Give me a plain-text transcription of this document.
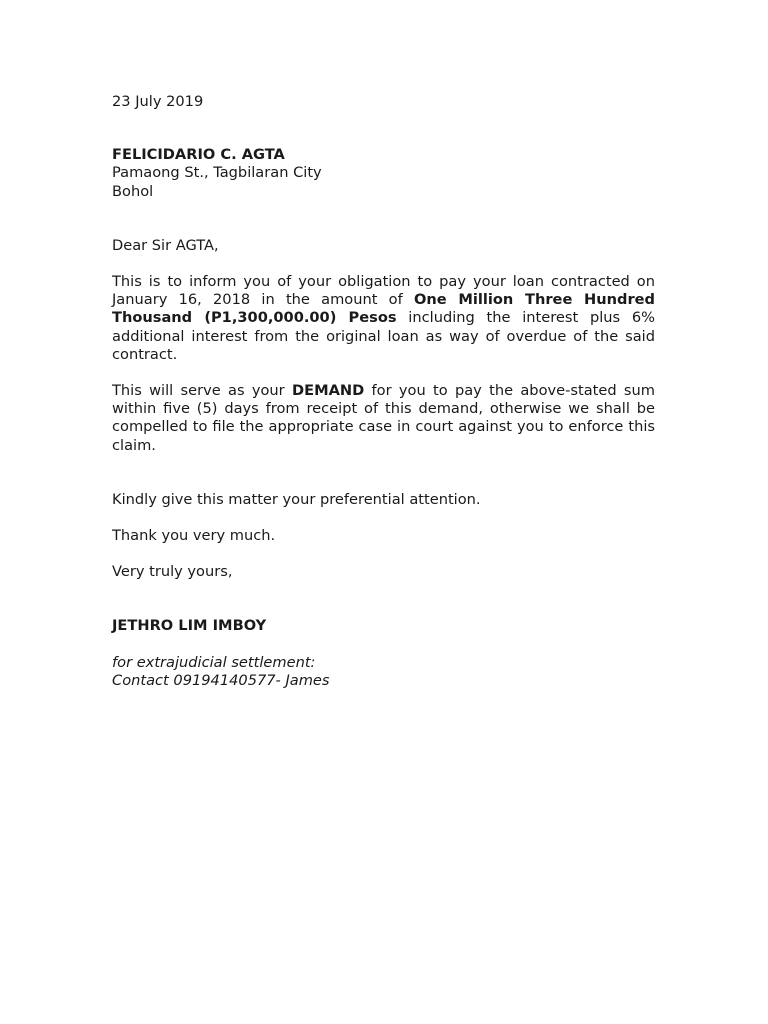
23 July 2019

FELICIDARIO C. AGTA

Pamaong St., Tagbilaran City

Bohol

Dear Sir AGTA,

This is to inform you of your obligation to pay your loan contracted on January 16, 2018 in the amount of One Million Three Hundred Thousand (P1,300,000.00) Pesos including the interest plus 6% additional interest from the original loan as way of overdue of the said contract.

This will serve as your DEMAND for you to pay the above-stated sum within five (5) days from receipt of this demand, otherwise we shall be compelled to file the appropriate case in court against you to enforce this claim.

Kindly give this matter your preferential attention.

Thank you very much.

Very truly yours,

JETHRO LIM IMBOY

for extrajudicial settlement:

Contact 09194140577- James
